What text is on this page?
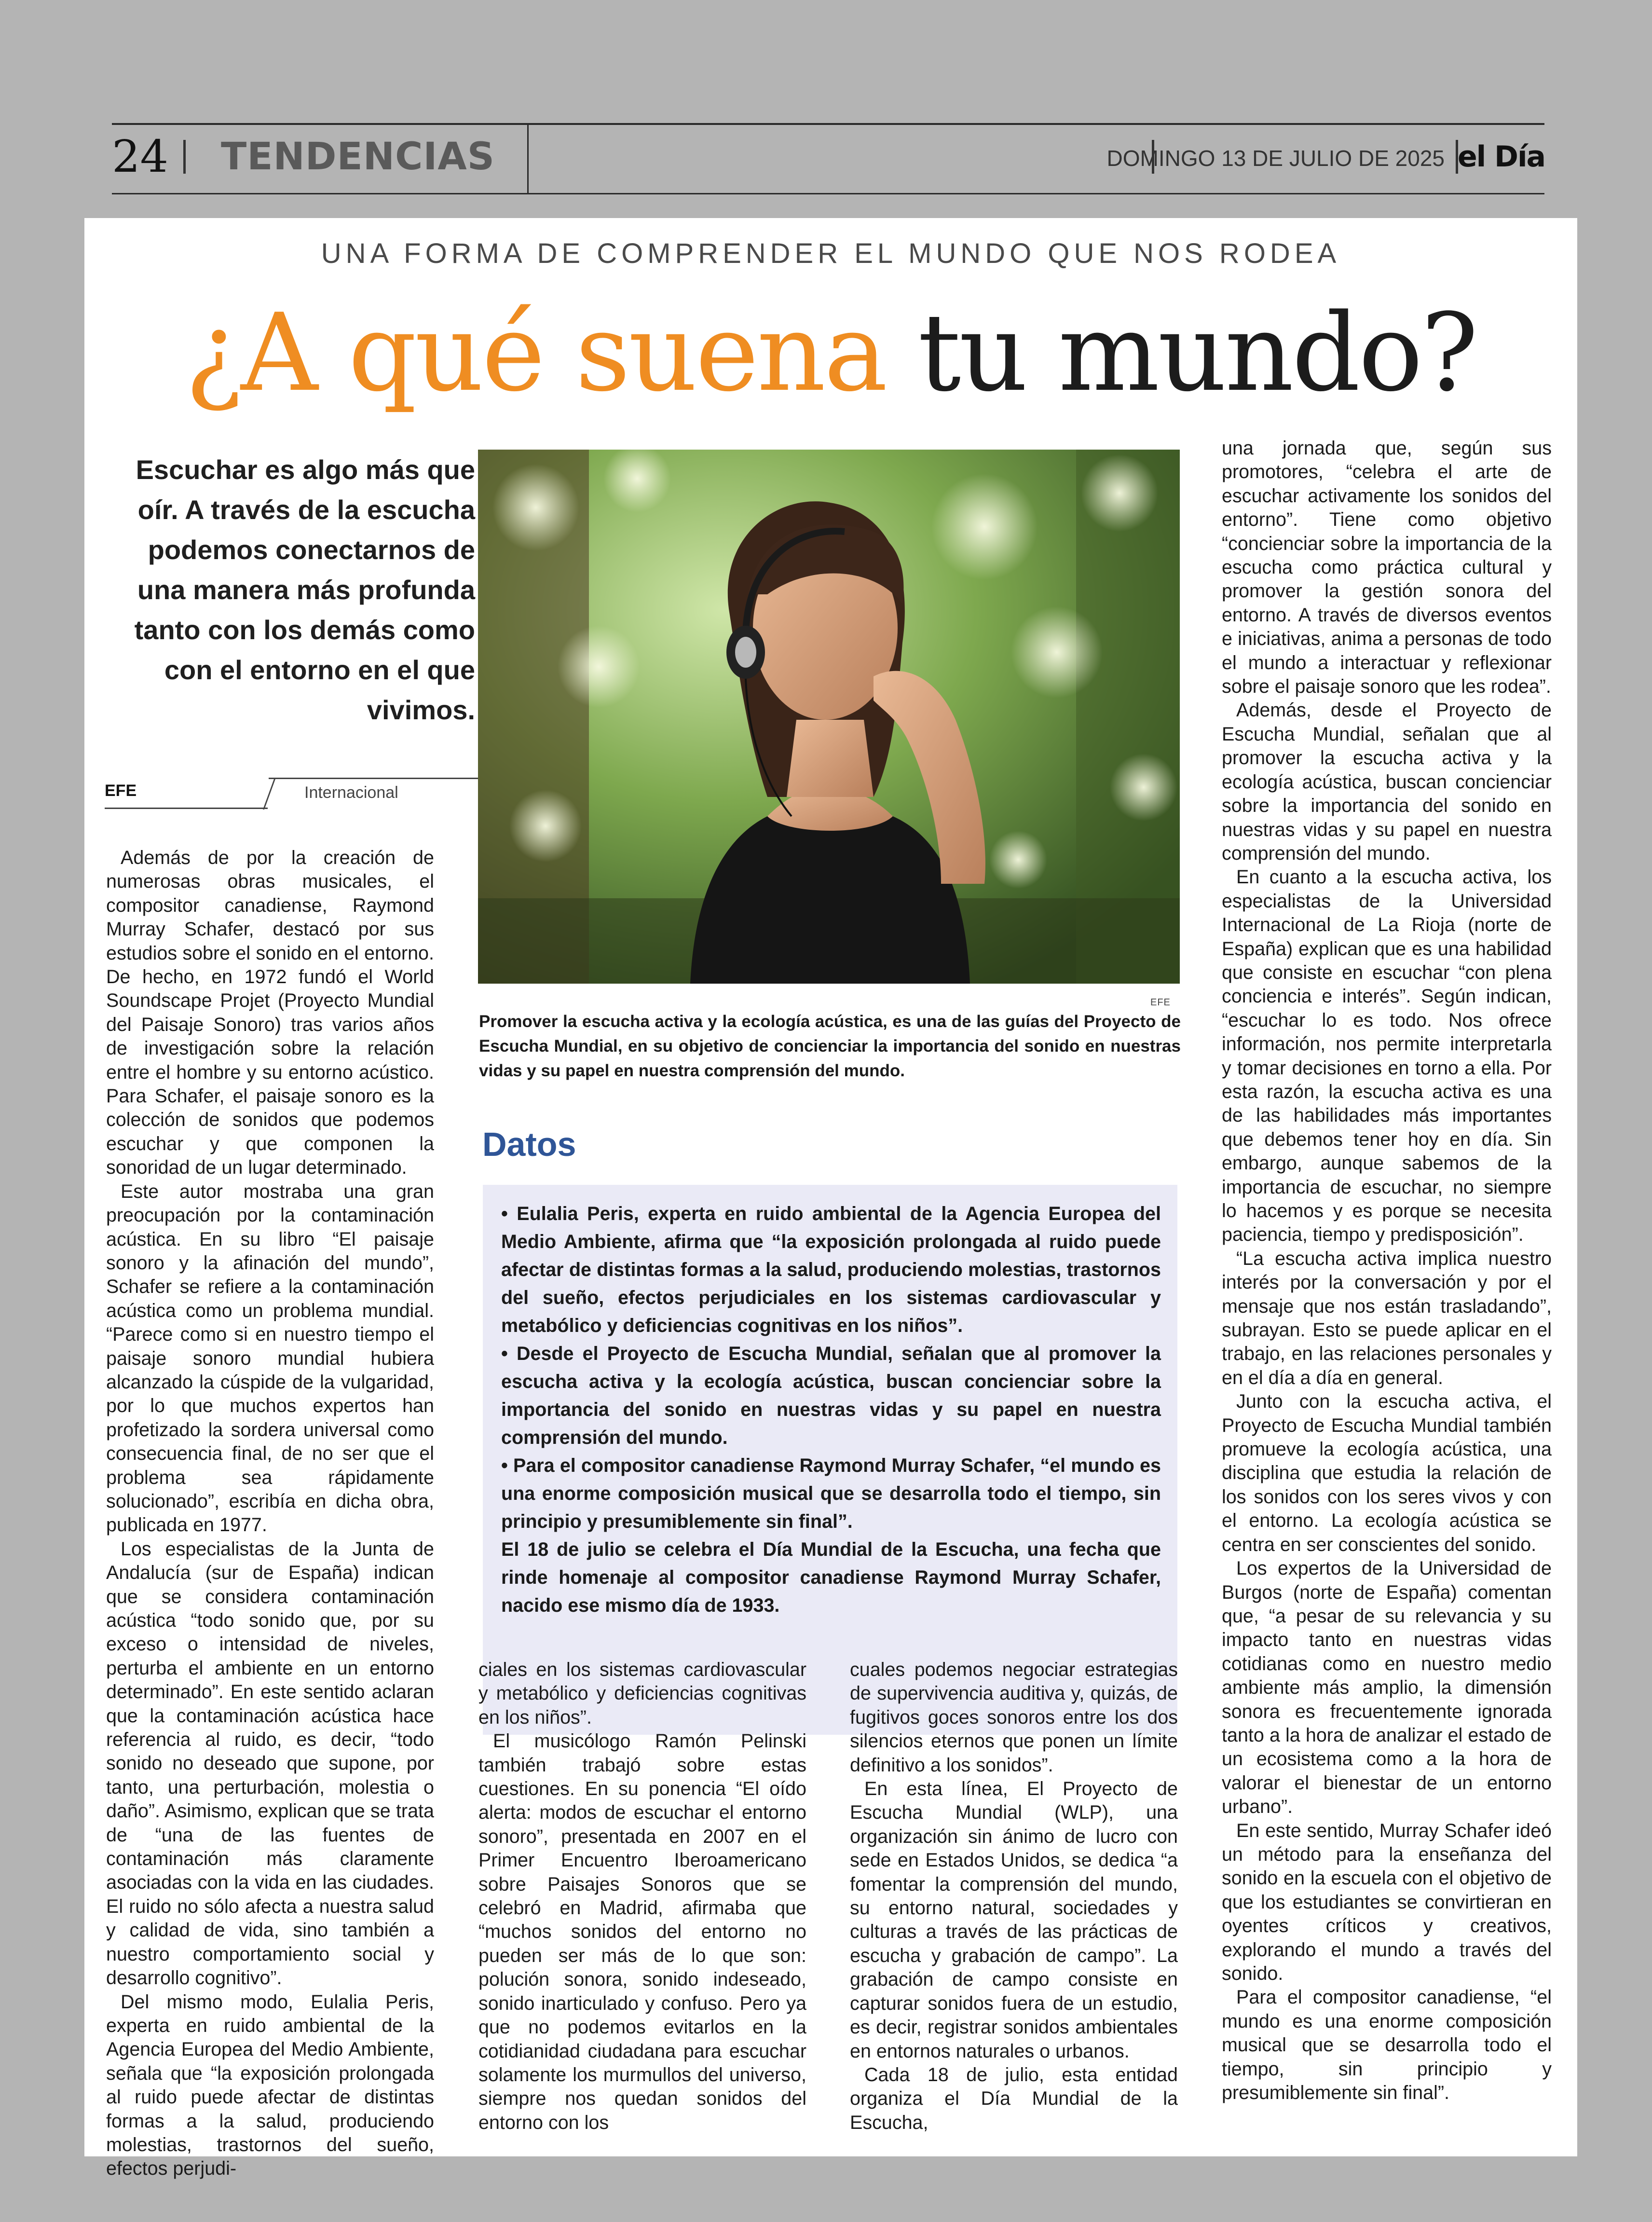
24 TENDENCIAS	DOMINGO 13 DE JULIO DE 2025 el Día
UNA FORMA DE COMPRENDER EL MUNDO QUE NOS RODEA
¿A qué suena tu mundo?
Escuchar es algo más que oír. A través de la escucha podemos conectarnos de una manera más profunda tanto con los demás como con el entorno en el que vivimos.
EFE	Internacional

Además de por la creación de numerosas obras musicales, el compositor canadiense, Raymond Murray Schafer, destacó por sus estudios sobre el sonido en el entorno. De hecho, en 1972 fundó el World Soundscape Projet (Proyecto Mundial del Paisaje Sonoro) tras varios años de investigación sobre la relación entre el hombre y su entorno acústico. Para Schafer, el paisaje sonoro es la colección de sonidos que podemos escuchar y que componen la sonoridad de un lugar determinado.

Este autor mostraba una gran preocupación por la contaminación acústica. En su libro “El paisaje sonoro y la afinación del mundo”, Schafer se refiere a la contaminación acústica como un problema mundial. “Parece como si en nuestro tiempo el paisaje sonoro mundial hubiera alcanzado la cúspide de la vulgaridad, por lo que muchos expertos han profetizado la sordera universal como consecuencia final, de no ser que el problema sea rápidamente solucionado”, escribía en dicha obra, publicada en 1977.

Los especialistas de la Junta de Andalucía (sur de España) indican que se considera contaminación acústica “todo sonido que, por su exceso o intensidad de niveles, perturba el ambiente en un entorno determinado”. En este sentido aclaran que la contaminación acústica hace referencia al ruido, es decir, “todo sonido no deseado que supone, por tanto, una perturbación, molestia o daño”. Asimismo, explican que se trata de “una de las fuentes de contaminación más claramente asociadas con la vida en las ciudades. El ruido no sólo afecta a nuestra salud y calidad de vida, sino también a nuestro comportamiento social y desarrollo cognitivo”.

Del mismo modo, Eulalia Peris, experta en ruido ambiental de la Agencia Europea del Medio Ambiente, señala que “la exposición prolongada al ruido puede afectar de distintas formas a la salud, produciendo molestias, trastornos del sueño, efectos perjudi-

EFE
Promover la escucha activa y la ecología acústica, es una de las guías del Proyecto de Escucha Mundial, en su objetivo de concienciar la importancia del sonido en nuestras vidas y su papel en nuestra comprensión del mundo.
Datos

• Eulalia Peris, experta en ruido ambiental de la Agencia Europea del Medio Ambiente, afirma que “la exposición prolongada al ruido puede afectar de distintas formas a la salud, produciendo molestias, trastornos del sueño, efectos perjudiciales en los sistemas cardiovascular y metabólico y deficiencias cognitivas en los niños”.

• Desde el Proyecto de Escucha Mundial, señalan que al promover la escucha activa y la ecología acústica, buscan concienciar sobre la importancia del sonido en nuestras vidas y su papel en nuestra comprensión del mundo.

• Para el compositor canadiense Raymond Murray Schafer, “el mundo es una enorme composición musical que se desarrolla todo el tiempo, sin principio y presumiblemente sin final”.

El 18 de julio se celebra el Día Mundial de la Escucha, una fecha que rinde homenaje al compositor canadiense Raymond Murray Schafer, nacido ese mismo día de 1933.

ciales en los sistemas cardiovascular y metabólico y deficiencias cognitivas en los niños”.

El musicólogo Ramón Pelinski también trabajó sobre estas cuestiones. En su ponencia “El oído alerta: modos de escuchar el entorno sonoro”, presentada en 2007 en el Primer Encuentro Iberoamericano sobre Paisajes Sonoros que se celebró en Madrid, afirmaba que “muchos sonidos del entorno no pueden ser más de lo que son: polución sonora, sonido indeseado, sonido inarticulado y confuso. Pero ya que no podemos evitarlos en la cotidianidad ciudadana para escuchar solamente los murmullos del universo, siempre nos quedan sonidos del entorno con los

cuales podemos negociar estrategias de supervivencia auditiva y, quizás, de fugitivos goces sonoros entre los dos silencios eternos que ponen un límite definitivo a los sonidos”.

En esta línea, El Proyecto de Escucha Mundial (WLP), una organización sin ánimo de lucro con sede en Estados Unidos, se dedica “a fomentar la comprensión del mundo, su entorno natural, sociedades y culturas a través de las prácticas de escucha y grabación de campo”. La grabación de campo consiste en capturar sonidos fuera de un estudio, es decir, registrar sonidos ambientales en entornos naturales o urbanos.

Cada 18 de julio, esta entidad organiza el Día Mundial de la Escucha,

una jornada que, según sus promotores, “celebra el arte de escuchar activamente los sonidos del entorno”. Tiene como objetivo “concienciar sobre la importancia de la escucha como práctica cultural y promover la gestión sonora del entorno. A través de diversos eventos e iniciativas, anima a personas de todo el mundo a interactuar y reflexionar sobre el paisaje sonoro que les rodea”.

Además, desde el Proyecto de Escucha Mundial, señalan que al promover la escucha activa y la ecología acústica, buscan concienciar sobre la importancia del sonido en nuestras vidas y su papel en nuestra comprensión del mundo.

En cuanto a la escucha activa, los especialistas de la Universidad Internacional de La Rioja (norte de España) explican que es una habilidad que consiste en escuchar “con plena conciencia e interés”. Según indican, “escuchar lo es todo. Nos ofrece información, nos permite interpretarla y tomar decisiones en torno a ella. Por esta razón, la escucha activa es una de las habilidades más importantes que debemos tener hoy en día. Sin embargo, aunque sabemos de la importancia de escuchar, no siempre lo hacemos y es porque se necesita paciencia, tiempo y predisposición”.

“La escucha activa implica nuestro interés por la conversación y por el mensaje que nos están trasladando”, subrayan. Esto se puede aplicar en el trabajo, en las relaciones personales y en el día a día en general.

Junto con la escucha activa, el Proyecto de Escucha Mundial también promueve la ecología acústica, una disciplina que estudia la relación de los sonidos con los seres vivos y con el entorno. La ecología acústica se centra en ser conscientes del sonido.

Los expertos de la Universidad de Burgos (norte de España) comentan que, “a pesar de su relevancia y su impacto tanto en nuestras vidas cotidianas como en nuestro medio ambiente más amplio, la dimensión sonora es frecuentemente ignorada tanto a la hora de analizar el estado de un ecosistema como a la hora de valorar el bienestar de un entorno urbano”.

En este sentido, Murray Schafer ideó un método para la enseñanza del sonido en la escuela con el objetivo de que los estudiantes se convirtieran en oyentes críticos y creativos, explorando el mundo a través del sonido.

Para el compositor canadiense, “el mundo es una enorme composición musical que se desarrolla todo el tiempo, sin principio y presumiblemente sin final”.
